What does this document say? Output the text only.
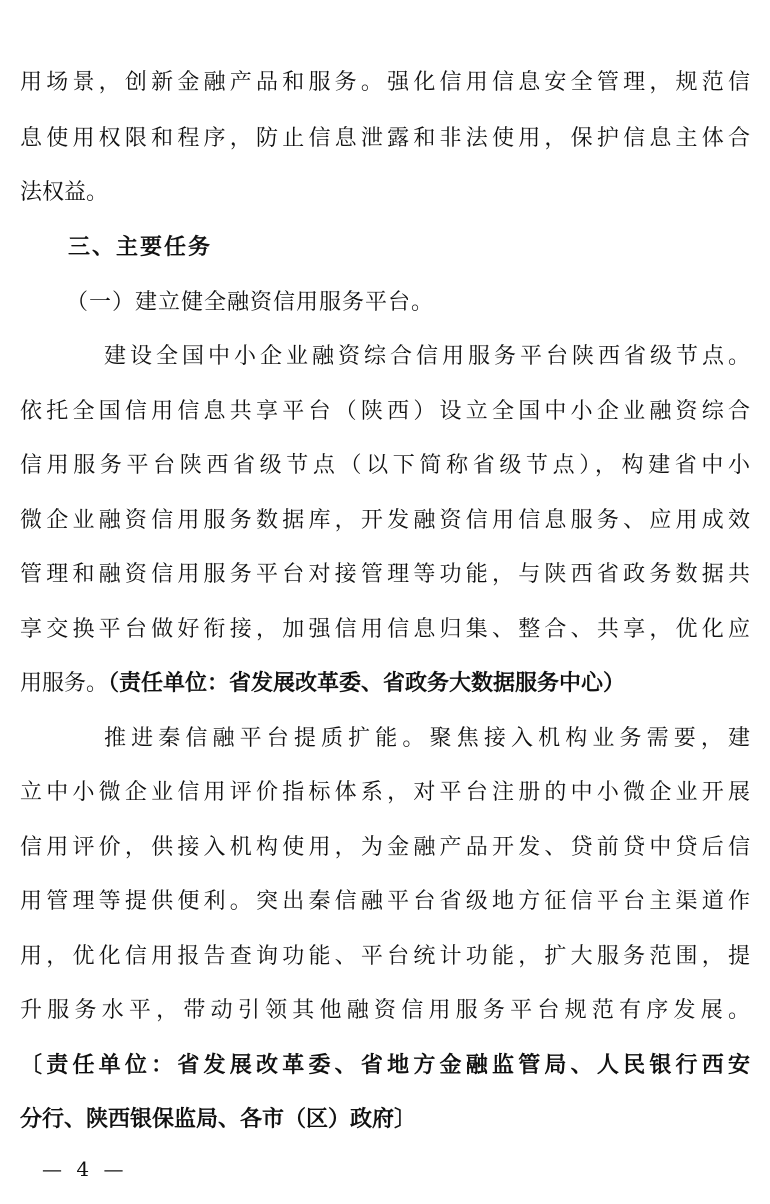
用场景，创新金融产品和服务。强化信用信息安全管理，规范信
息使用权限和程序，防止信息泄露和非法使用，保护信息主体合
法权益。
三、主要任务
（一）建立健全融资信用服务平台。
建设全国中小企业融资综合信用服务平台陕西省级节点。
依托全国信用信息共享平台（陕西）设立全国中小企业融资综合
信用服务平台陕西省级节点（以下简称省级节点），构建省中小
微企业融资信用服务数据库，开发融资信用信息服务、应用成效
管理和融资信用服务平台对接管理等功能，与陕西省政务数据共
享交换平台做好衔接，加强信用信息归集、整合、共享，优化应
用服务。（责任单位：省发展改革委、省政务大数据服务中心）
推进秦信融平台提质扩能。聚焦接入机构业务需要，建
立中小微企业信用评价指标体系，对平台注册的中小微企业开展
信用评价，供接入机构使用，为金融产品开发、贷前贷中贷后信
用管理等提供便利。突出秦信融平台省级地方征信平台主渠道作
用，优化信用报告查询功能、平台统计功能，扩大服务范围，提
升服务水平，带动引领其他融资信用服务平台规范有序发展。
〔责任单位：省发展改革委、省地方金融监管局、人民银行西安
分行、陕西银保监局、各市（区）政府〕
— 4 —
